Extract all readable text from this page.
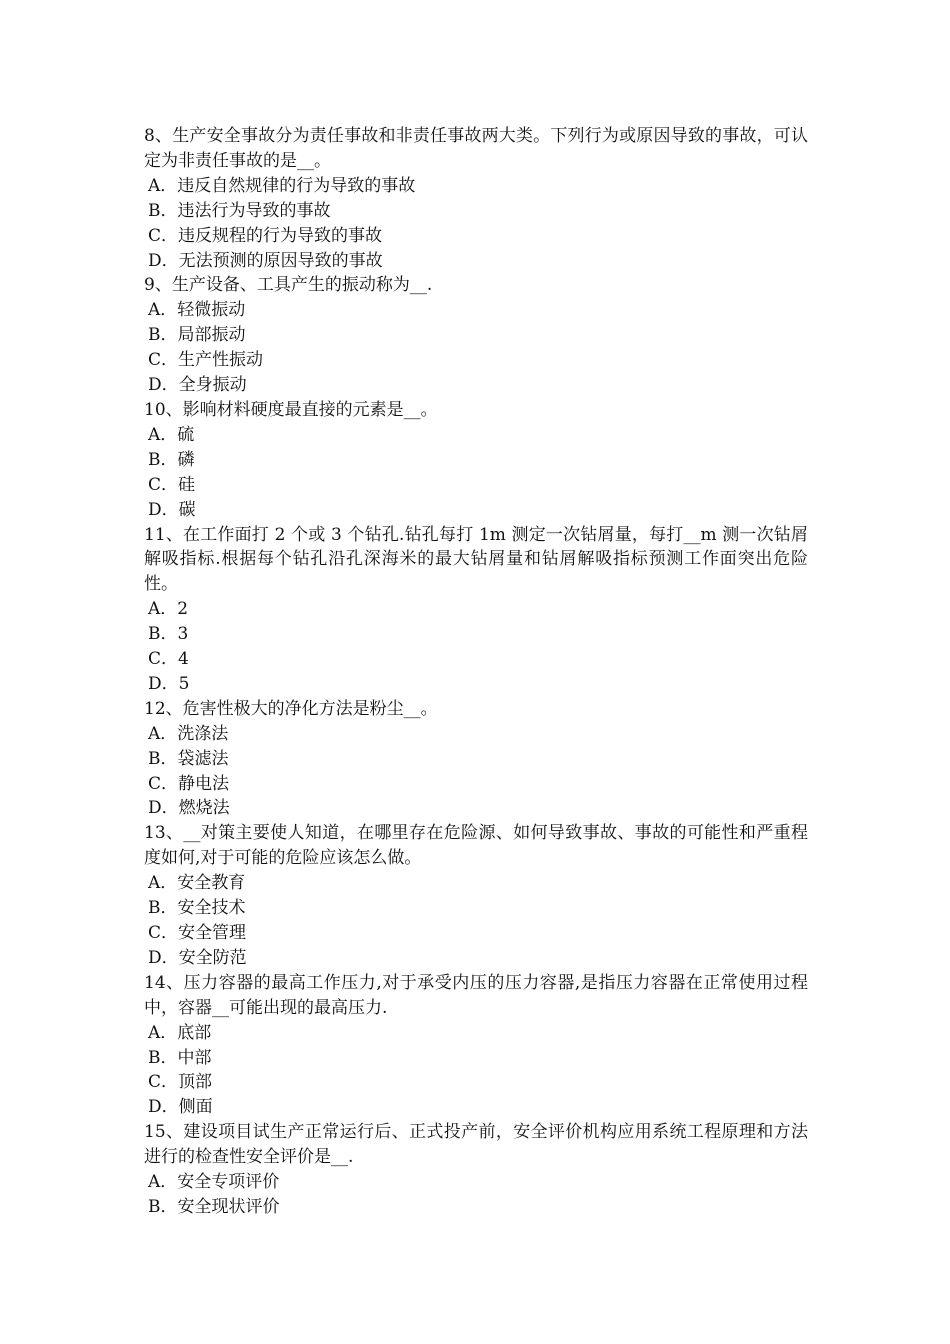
8、生产安全事故分为责任事故和非责任事故两大类。下列行为或原因导致的事故，可认定为非责任事故的是__。

A．违反自然规律的行为导致的事故

B．违法行为导致的事故

C．违反规程的行为导致的事故

D．无法预测的原因导致的事故

9、生产设备、工具产生的振动称为__.

A．轻微振动

B．局部振动

C．生产性振动

D．全身振动

10、影响材料硬度最直接的元素是__。

A．硫

B．磷

C．硅

D．碳

11、在工作面打 2 个或 3 个钻孔.钻孔每打 1m 测定一次钻屑量，每打__m 测一次钻屑解吸指标.根据每个钻孔沿孔深海米的最大钻屑量和钻屑解吸指标预测工作面突出危险性。

A．2

B．3

C．4

D．5

12、危害性极大的净化方法是粉尘__。

A．洗涤法

B．袋滤法

C．静电法

D．燃烧法

13、__对策主要使人知道，在哪里存在危险源、如何导致事故、事故的可能性和严重程度如何,对于可能的危险应该怎么做。

A．安全教育

B．安全技术

C．安全管理

D．安全防范

14、压力容器的最高工作压力,对于承受内压的压力容器,是指压力容器在正常使用过程中，容器__可能出现的最高压力.

A．底部

B．中部

C．顶部

D．侧面

15、建设项目试生产正常运行后、正式投产前，安全评价机构应用系统工程原理和方法进行的检查性安全评价是__.

A．安全专项评价

B．安全现状评价
